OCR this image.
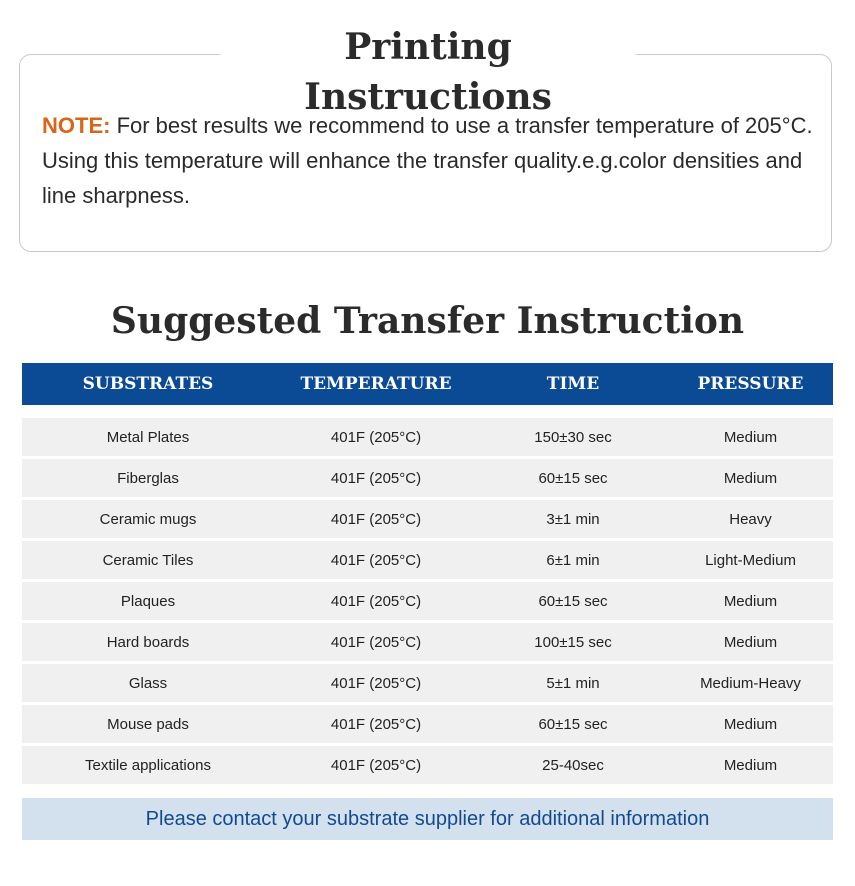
Printing Instructions
NOTE: For best results we recommend to use a transfer temperature of 205°C. Using this temperature will enhance the transfer quality.e.g.color densities and line sharpness.
Suggested Transfer Instruction
SUBSTRATES	TEMPERATURE	TIME	PRESSURE
Metal Plates	401F (205°C)	150±30 sec	Medium
Fiberglas	401F (205°C)	60±15 sec	Medium
Ceramic mugs	401F (205°C)	3±1 min	Heavy
Ceramic Tiles	401F (205°C)	6±1 min	Light-Medium
Plaques	401F (205°C)	60±15 sec	Medium
Hard boards	401F (205°C)	100±15 sec	Medium
Glass	401F (205°C)	5±1 min	Medium-Heavy
Mouse pads	401F (205°C)	60±15 sec	Medium
Textile applications	401F (205°C)	25-40sec	Medium
Please contact your substrate supplier for additional information
